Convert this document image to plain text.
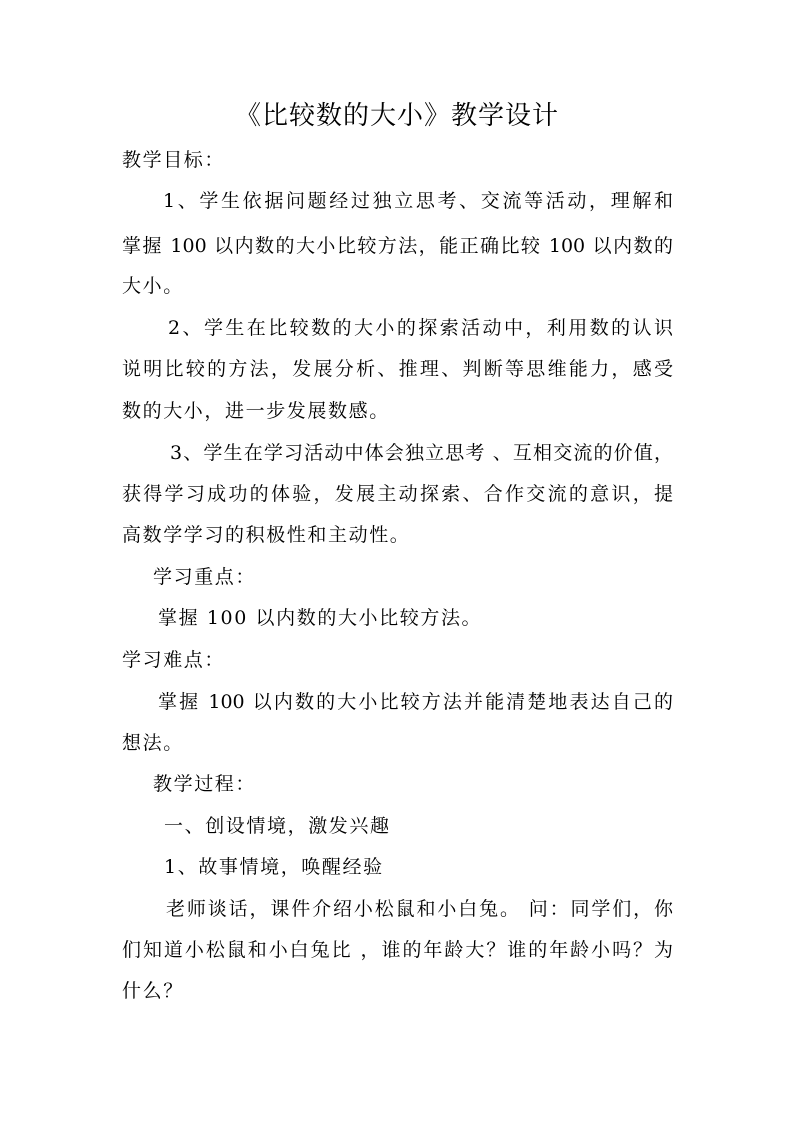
《比较数的大小》教学设计
教学目标：
1、学生依据问题经过独立思考、交流等活动，理解和
掌握 100 以内数的大小比较方法，能正确比较 100 以内数的
大小。
2、学生在比较数的大小的探索活动中，利用数的认识
说明比较的方法，发展分析、推理、判断等思维能力，感受
数的大小，进一步发展数感。
3、学生在学习活动中体会独立思考 、互相交流的价值，
获得学习成功的体验，发展主动探索、合作交流的意识，提
高数学学习的积极性和主动性。
学习重点：
掌握 100 以内数的大小比较方法。
学习难点：
掌握 100 以内数的大小比较方法并能清楚地表达自己的
想法。
教学过程：
一、创设情境，激发兴趣
1、故事情境，唤醒经验
老师谈话，课件介绍小松鼠和小白兔。 问：同学们，你
们知道小松鼠和小白兔比 ，谁的年龄大？谁的年龄小吗？为
什么？
